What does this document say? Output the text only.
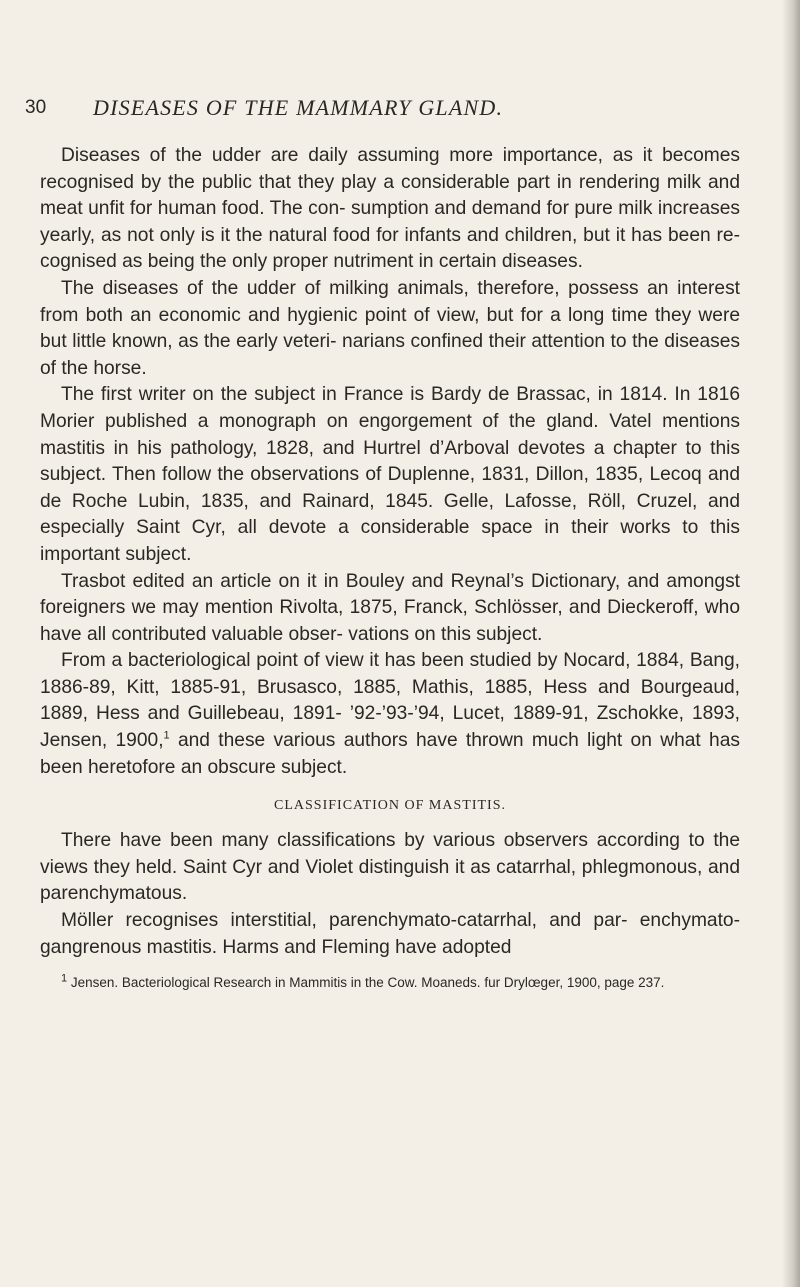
30 DISEASES OF THE MAMMARY GLAND.

Diseases of the udder are daily assuming more importance, as it becomes recognised by the public that they play a considerable part in rendering milk and meat unfit for human food. The con- sumption and demand for pure milk increases yearly, as not only is it the natural food for infants and children, but it has been re- cognised as being the only proper nutriment in certain diseases.

The diseases of the udder of milking animals, therefore, possess an interest from both an economic and hygienic point of view, but for a long time they were but little known, as the early veteri- narians confined their attention to the diseases of the horse.

The first writer on the subject in France is Bardy de Brassac, in 1814. In 1816 Morier published a monograph on engorgement of the gland. Vatel mentions mastitis in his pathology, 1828, and Hurtrel d’Arboval devotes a chapter to this subject. Then follow the observations of Duplenne, 1831, Dillon, 1835, Lecoq and de Roche Lubin, 1835, and Rainard, 1845. Gelle, Lafosse, Röll, Cruzel, and especially Saint Cyr, all devote a considerable space in their works to this important subject.

Trasbot edited an article on it in Bouley and Reynal’s Dictionary, and amongst foreigners we may mention Rivolta, 1875, Franck, Schlösser, and Dieckeroff, who have all contributed valuable obser- vations on this subject.

From a bacteriological point of view it has been studied by Nocard, 1884, Bang, 1886-89, Kitt, 1885-91, Brusasco, 1885, Mathis, 1885, Hess and Bourgeaud, 1889, Hess and Guillebeau, 1891- ’92-’93-’94, Lucet, 1889-91, Zschokke, 1893, Jensen, 1900,$^1$ and these various authors have thrown much light on what has been heretofore an obscure subject.

CLASSIFICATION OF MASTITIS.

There have been many classifications by various observers according to the views they held. Saint Cyr and Violet distinguish it as catarrhal, phlegmonous, and parenchymatous.

Möller recognises interstitial, parenchymato-catarrhal, and par- enchymato-gangrenous mastitis. Harms and Fleming have adopted

$^1$ Jensen. Bacteriological Research in Mammitis in the Cow. Moaneds. fur Drylœger, 1900, page 237.
